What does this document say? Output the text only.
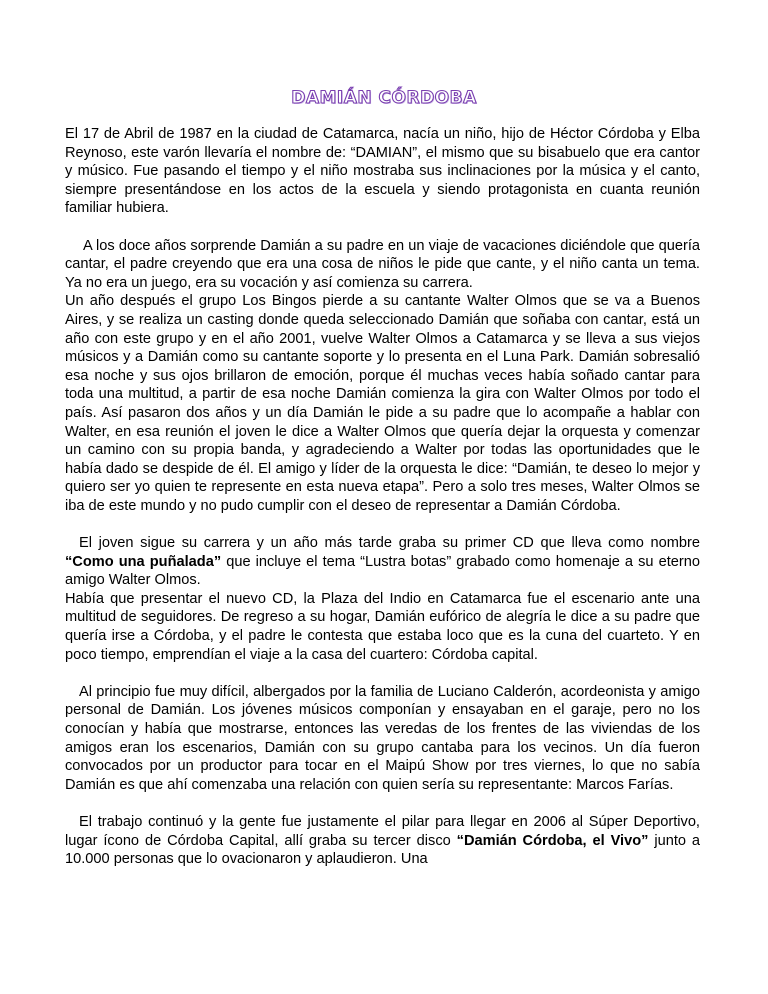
DAMIÁN CÓRDOBA

El 17 de Abril de 1987 en la ciudad de Catamarca, nacía un niño, hijo de Héctor Córdoba y Elba Reynoso, este varón llevaría el nombre de: “DAMIAN”, el mismo que su bisabuelo que era cantor y músico. Fue pasando el tiempo y el niño mostraba sus inclinaciones por la música y el canto, siempre presentándose en los actos de la escuela y siendo protagonista en cuanta reunión familiar hubiera.

A los doce años sorprende Damián a su padre en un viaje de vacaciones diciéndole que quería cantar, el padre creyendo que era una cosa de niños le pide que cante, y el niño canta un tema. Ya no era un juego, era su vocación y así comienza su carrera.

Un año después el grupo Los Bingos pierde a su cantante Walter Olmos que se va a Buenos Aires, y se realiza un casting donde queda seleccionado Damián que soñaba con cantar, está un año con este grupo y en el año 2001, vuelve Walter Olmos a Catamarca y se lleva a sus viejos músicos y a Damián como su cantante soporte y lo presenta en el Luna Park. Damián sobresalió esa noche y sus ojos brillaron de emoción, porque él muchas veces había soñado cantar para toda una multitud, a partir de esa noche Damián comienza la gira con Walter Olmos por todo el país. Así pasaron dos años y un día Damián le pide a su padre que lo acompañe a hablar con Walter, en esa reunión el joven le dice a Walter Olmos que quería dejar la orquesta y comenzar un camino con su propia banda, y agradeciendo a Walter por todas las oportunidades que le había dado se despide de él. El amigo y líder de la orquesta le dice: “Damián, te deseo lo mejor y quiero ser yo quien te represente en esta nueva etapa”. Pero a solo tres meses, Walter Olmos se iba de este mundo y no pudo cumplir con el deseo de representar a Damián Córdoba.

El joven sigue su carrera y un año más tarde graba su primer CD que lleva como nombre “Como una puñalada” que incluye el tema “Lustra botas” grabado como homenaje a su eterno amigo Walter Olmos.

Había que presentar el nuevo CD, la Plaza del Indio en Catamarca fue el escenario ante una multitud de seguidores. De regreso a su hogar, Damián eufórico de alegría le dice a su padre que quería irse a Córdoba, y el padre le contesta que estaba loco que es la cuna del cuarteto. Y en poco tiempo, emprendían el viaje a la casa del cuartero: Córdoba capital.

Al principio fue muy difícil, albergados por la familia de Luciano Calderón, acordeonista y amigo personal de Damián. Los jóvenes músicos componían y ensayaban en el garaje, pero no los conocían y había que mostrarse, entonces las veredas de los frentes de las viviendas de los amigos eran los escenarios, Damián con su grupo cantaba para los vecinos. Un día fueron convocados por un productor para tocar en el Maipú Show por tres viernes, lo que no sabía Damián es que ahí comenzaba una relación con quien sería su representante: Marcos Farías.

El trabajo continuó y la gente fue justamente el pilar para llegar en 2006 al Súper Deportivo, lugar ícono de Córdoba Capital, allí graba su tercer disco “Damián Córdoba, el Vivo” junto a 10.000 personas que lo ovacionaron y aplaudieron. Una
